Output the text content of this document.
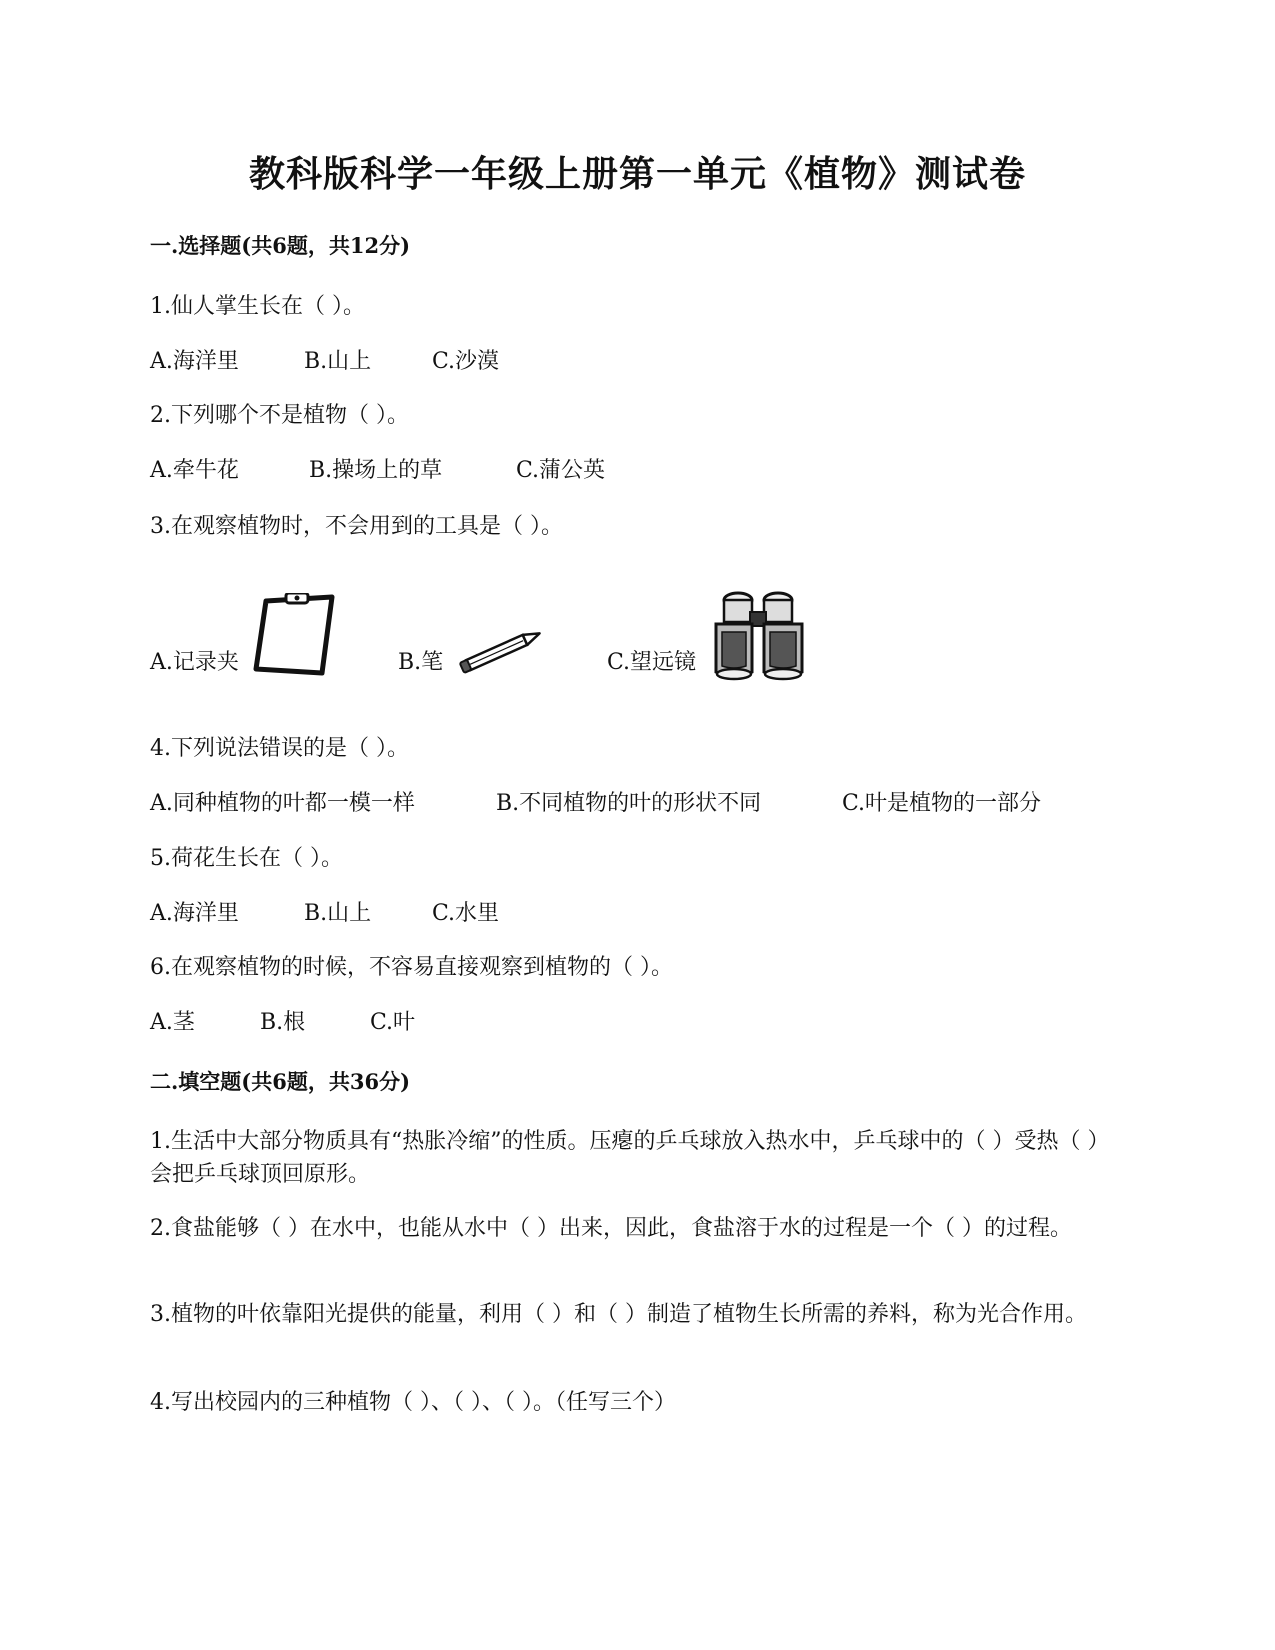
教科版科学一年级上册第一单元《植物》测试卷
一.选择题(共6题，共12分)
1.仙人掌生长在（ ）。
A.海洋里	B.山上	C.沙漠
2.下列哪个不是植物（ ）。
A.牵牛花	B.操场上的草	C.蒲公英
3.在观察植物时，不会用到的工具是（ ）。
A.记录夹	B.笔	C.望远镜
4.下列说法错误的是（ ）。
A.同种植物的叶都一模一样	B.不同植物的叶的形状不同	C.叶是植物的一部分
5.荷花生长在（ ）。
A.海洋里	B.山上	C.水里
6.在观察植物的时候，不容易直接观察到植物的（ ）。
A.茎	B.根	C.叶
二.填空题(共6题，共36分)
1.生活中大部分物质具有“热胀冷缩”的性质。压瘪的乒乓球放入热水中，乒乓球中的（ ）受热（ ）会把乒乓球顶回原形。
2.食盐能够（ ）在水中，也能从水中（ ）出来，因此，食盐溶于水的过程是一个（ ）的过程。
3.植物的叶依靠阳光提供的能量，利用（ ）和（ ）制造了植物生长所需的养料，称为光合作用。
4.写出校园内的三种植物（ ）、（ ）、（ ）。（任写三个）
